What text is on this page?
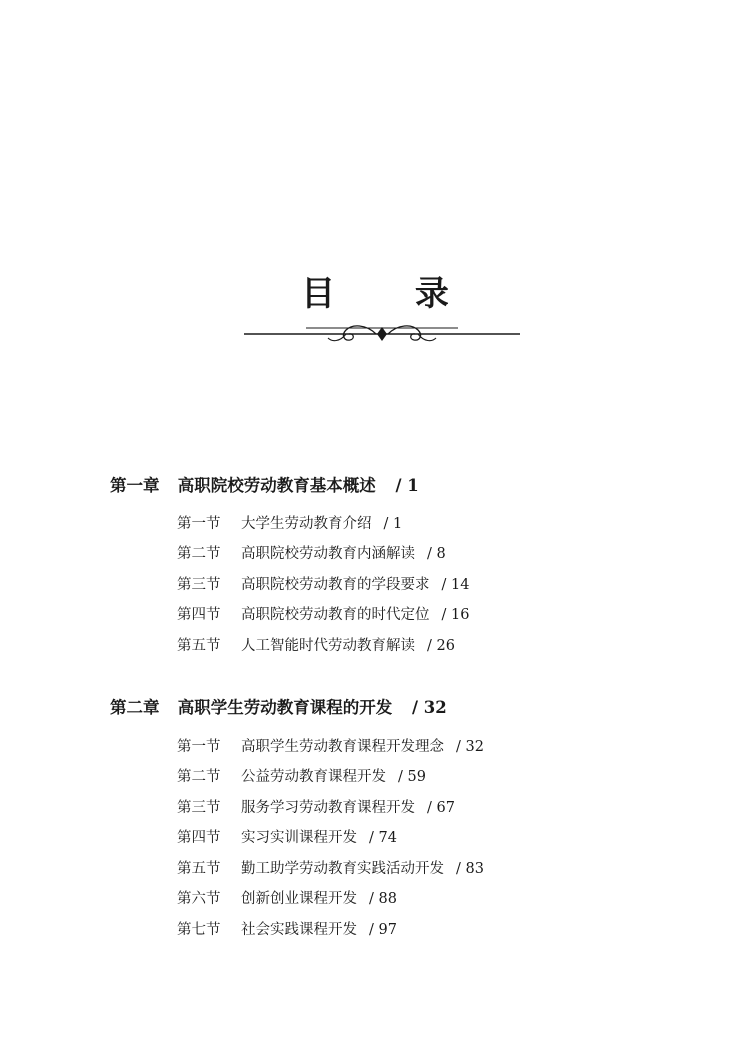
目 录
第一章 高职院校劳动教育基本概述 / 1
第一节 大学生劳动教育介绍 / 1
第二节 高职院校劳动教育内涵解读 / 8
第三节 高职院校劳动教育的学段要求 / 14
第四节 高职院校劳动教育的时代定位 / 16
第五节 人工智能时代劳动教育解读 / 26
第二章 高职学生劳动教育课程的开发 / 32
第一节 高职学生劳动教育课程开发理念 / 32
第二节 公益劳动教育课程开发 / 59
第三节 服务学习劳动教育课程开发 / 67
第四节 实习实训课程开发 / 74
第五节 勤工助学劳动教育实践活动开发 / 83
第六节 创新创业课程开发 / 88
第七节 社会实践课程开发 / 97
